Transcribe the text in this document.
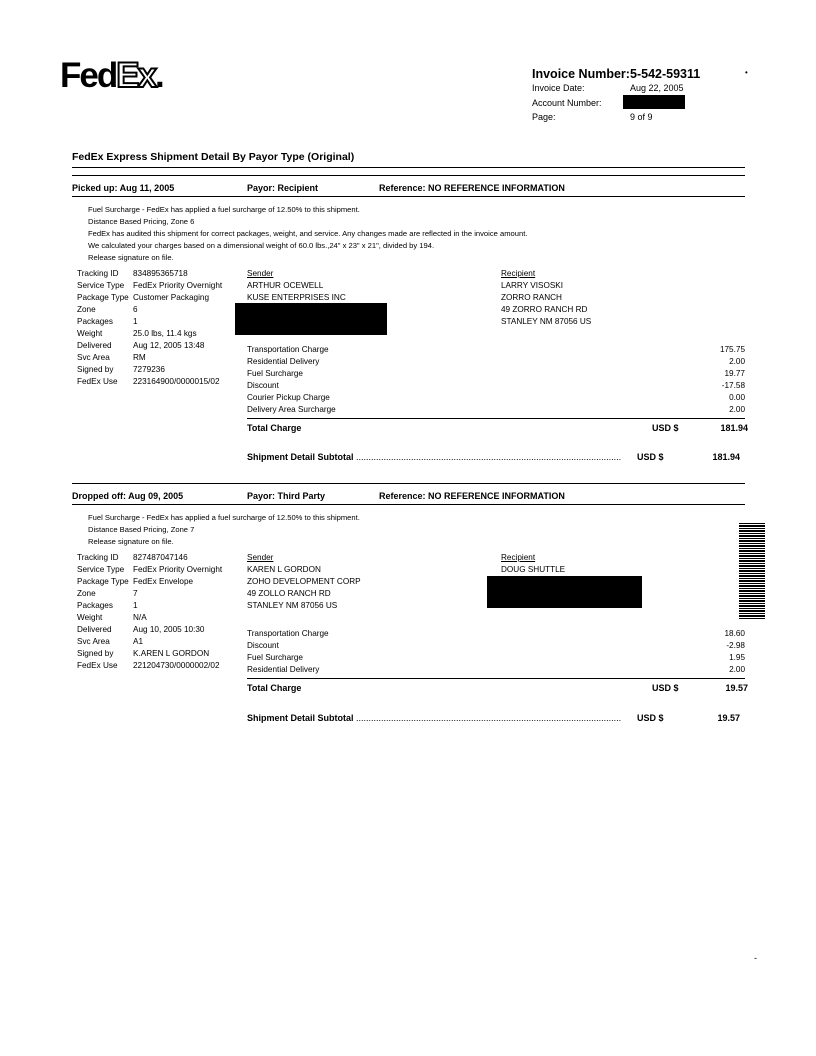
FedEx.	Invoice Number: 5-542-59311	•
Invoice Date:	Aug 22, 2005
Account Number:
Page:	9 of 9
FedEx Express Shipment Detail By Payor Type (Original)
Picked up: Aug 11, 2005	Payor: Recipient	Reference: NO REFERENCE INFORMATION
Fuel Surcharge - FedEx has applied a fuel surcharge of 12.50% to this shipment.
Distance Based Pricing, Zone 6
FedEx has audited this shipment for correct packages, weight, and service. Any changes made are reflected in the invoice amount.
We calculated your charges based on a dimensional weight of 60.0 lbs.,24" x 23" x 21", divided by 194.
Release signature on file.
Tracking ID 834895365718
Service Type FedEx Priority Overnight
Package Type Customer Packaging
Zone	6
Packages 1
Weight	25.0 lbs, 11.4 kgs
Delivered	Aug 12, 2005 13:48
Svc Area	RM
Signed by 7279236
FedEx Use 223164900/0000015/02
Sender
ARTHUR OCEWELL
KUSE ENTERPRISES INC
Recipient
LARRY VISOSKI
ZORRO RANCH
49 ZORRO RANCH RD
STANLEY NM 87056 US
Transportation Charge	175.75
Residential Delivery	2.00
Fuel Surcharge	19.77
Discount	-17.58
Courier Pickup Charge	0.00
Delivery Area Surcharge	2.00
Total Charge	USD $	181.94
Shipment Detail Subtotal .......................................................................................................... USD $	181.94
Dropped off: Aug 09, 2005	Payor: Third Party	Reference: NO REFERENCE INFORMATION
Fuel Surcharge - FedEx has applied a fuel surcharge of 12.50% to this shipment.
Distance Based Pricing, Zone 7
Release signature on file.
Tracking ID 827487047146
Service Type FedEx Priority Overnight
Package Type FedEx Envelope
Zone	7
Packages 1
Weight	N/A
Delivered	Aug 10, 2005 10:30
Svc Area	A1
Signed by K.AREN L GORDON
FedEx Use 221204730/0000002/02
Sender
KAREN L GORDON
ZOHO DEVELOPMENT CORP
49 ZOLLO RANCH RD
STANLEY NM 87056 US
Recipient
DOUG SHUTTLE
Transportation Charge	18.60
Discount	-2.98
Fuel Surcharge	1.95
Residential Delivery	2.00
Total Charge	USD $	19.57
Shipment Detail Subtotal .......................................................................................................... USD $	19.57
-
